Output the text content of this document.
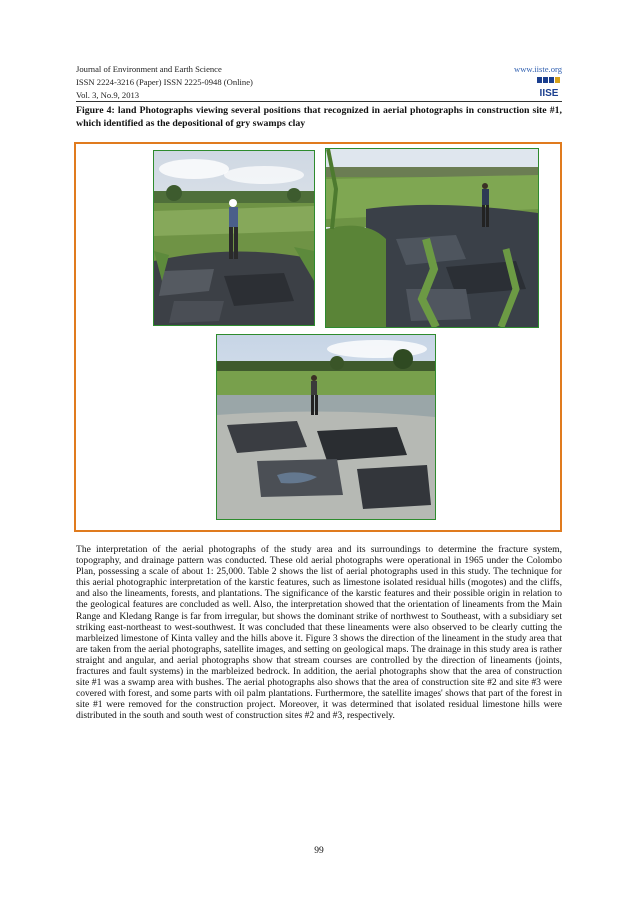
Journal of Environment and Earth Science
ISSN 2224-3216 (Paper) ISSN 2225-0948 (Online)
Vol. 3, No.9, 2013
www.iiste.org
IISE
Figure 4: land Photographs viewing several positions that recognized in aerial photographs in construction site #1, which identified as the depositional of gry swamps clay
The interpretation of the aerial photographs of the study area and its surroundings to determine the fracture system, topography, and drainage pattern was conducted. These old aerial photographs were operational in 1965 under the Colombo Plan, possessing a scale of about 1: 25,000. Table 2 shows the list of aerial photographs used in this study. The technique for this aerial photographic interpretation of the karstic features, such as limestone isolated residual hills (mogotes) and the cliffs, and also the lineaments, forests, and plantations. The significance of the karstic features and their possible origin in relation to the geological features are concluded as well. Also, the interpretation showed that the orientation of lineaments from the Main Range and Kledang Range is far from irregular, but shows the dominant strike of northwest to Southeast, with a subsidiary set striking east-northeast to west-southwest. It was concluded that these lineaments were also observed to be clearly cutting the marbleized limestone of Kinta valley and the hills above it. Figure 3 shows the direction of the lineament in the study area that are taken from the aerial photographs, satellite images, and setting on geological maps. The drainage in this study area is rather straight and angular, and aerial photographs show that stream courses are controlled by the direction of lineaments (joints, fractures and fault systems) in the marbleized bedrock. In addition, the aerial photographs show that the area of construction site #1 was a swamp area with bushes. The aerial photographs also shows that the area of construction site #2 and site #3 were covered with forest, and some parts with oil palm plantations. Furthermore, the satellite images' shows that part of the forest in site #1 were removed for the construction project. Moreover, it was determined that isolated residual limestone hills were distributed in the south and south west of construction sites #2 and #3, respectively.
99
